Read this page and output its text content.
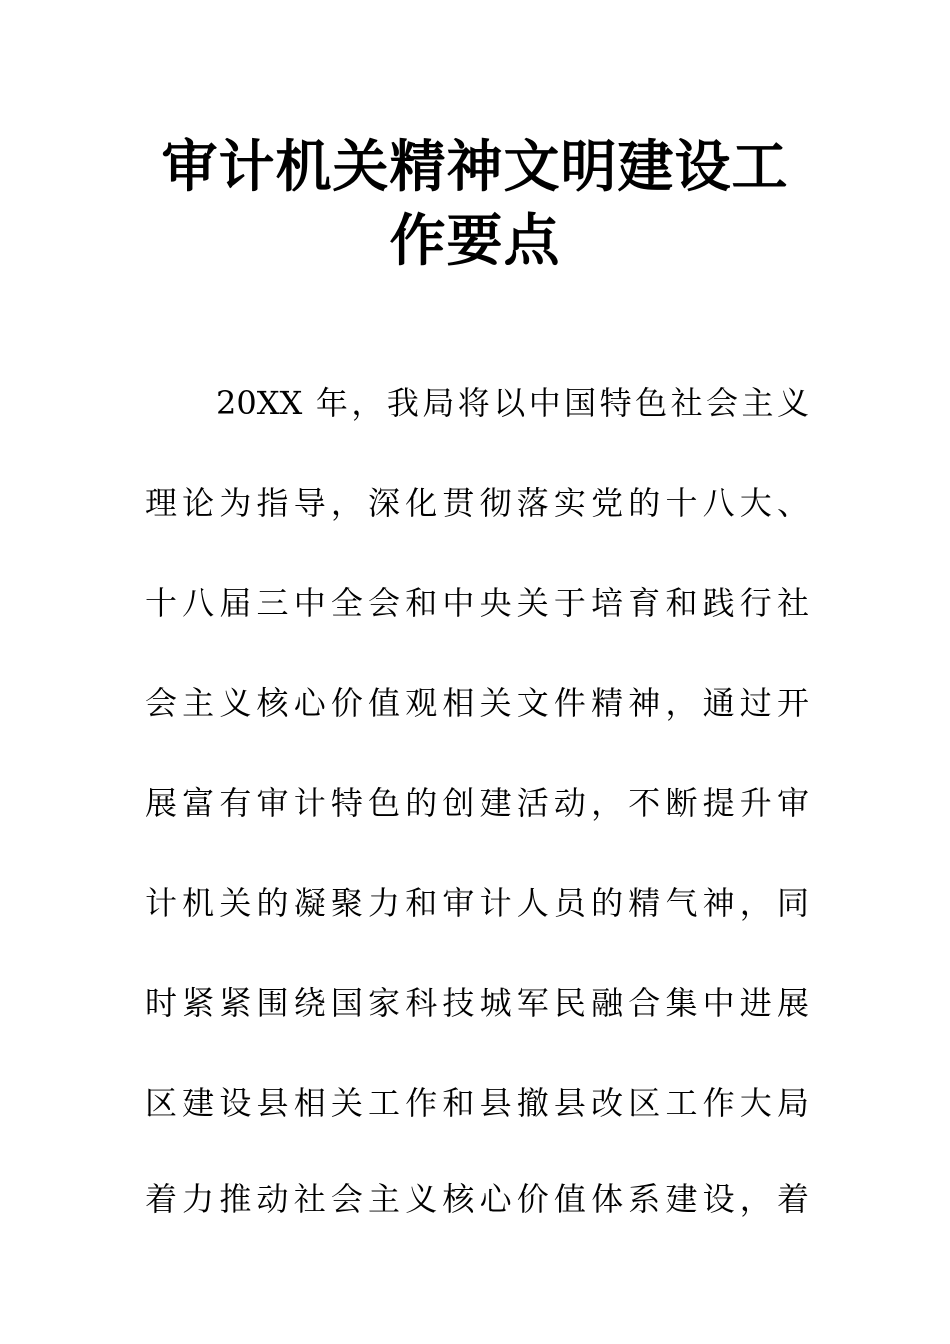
审计机关精神文明建设工
作要点
20XX 年，我局将以中国特色社会主义
理论为指导，深化贯彻落实党的十八大、
十八届三中全会和中央关于培育和践行社
会主义核心价值观相关文件精神，通过开
展富有审计特色的创建活动，不断提升审
计机关的凝聚力和审计人员的精气神，同
时紧紧围绕国家科技城军民融合集中进展
区建设县相关工作和县撤县改区工作大局
着力推动社会主义核心价值体系建设，着
